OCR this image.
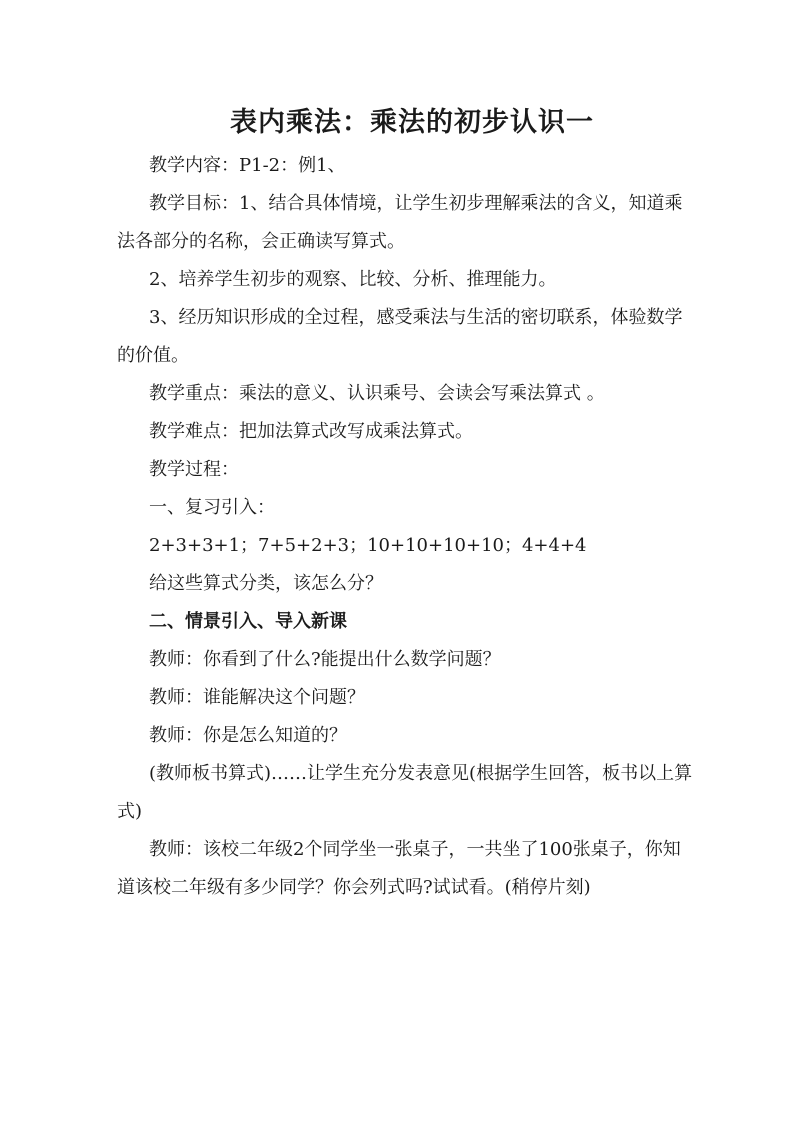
表内乘法：乘法的初步认识一

教学内容：P1-2：例1、

教学目标：1、结合具体情境，让学生初步理解乘法的含义，知道乘法各部分的名称，会正确读写算式。

2、培养学生初步的观察、比较、分析、推理能力。

3、经历知识形成的全过程，感受乘法与生活的密切联系，体验数学的价值。

教学重点：乘法的意义、认识乘号、会读会写乘法算式 。

教学难点：把加法算式改写成乘法算式。

教学过程：

一、复习引入：

2+3+3+1；7+5+2+3；10+10+10+10；4+4+4

给这些算式分类，该怎么分？

二、情景引入、导入新课

教师：你看到了什么?能提出什么数学问题？

教师：谁能解决这个问题？

教师：你是怎么知道的？

(教师板书算式)……让学生充分发表意见(根据学生回答，板书以上算式)

教师：该校二年级2个同学坐一张桌子，一共坐了100张桌子，你知道该校二年级有多少同学？你会列式吗?试试看。(稍停片刻)
